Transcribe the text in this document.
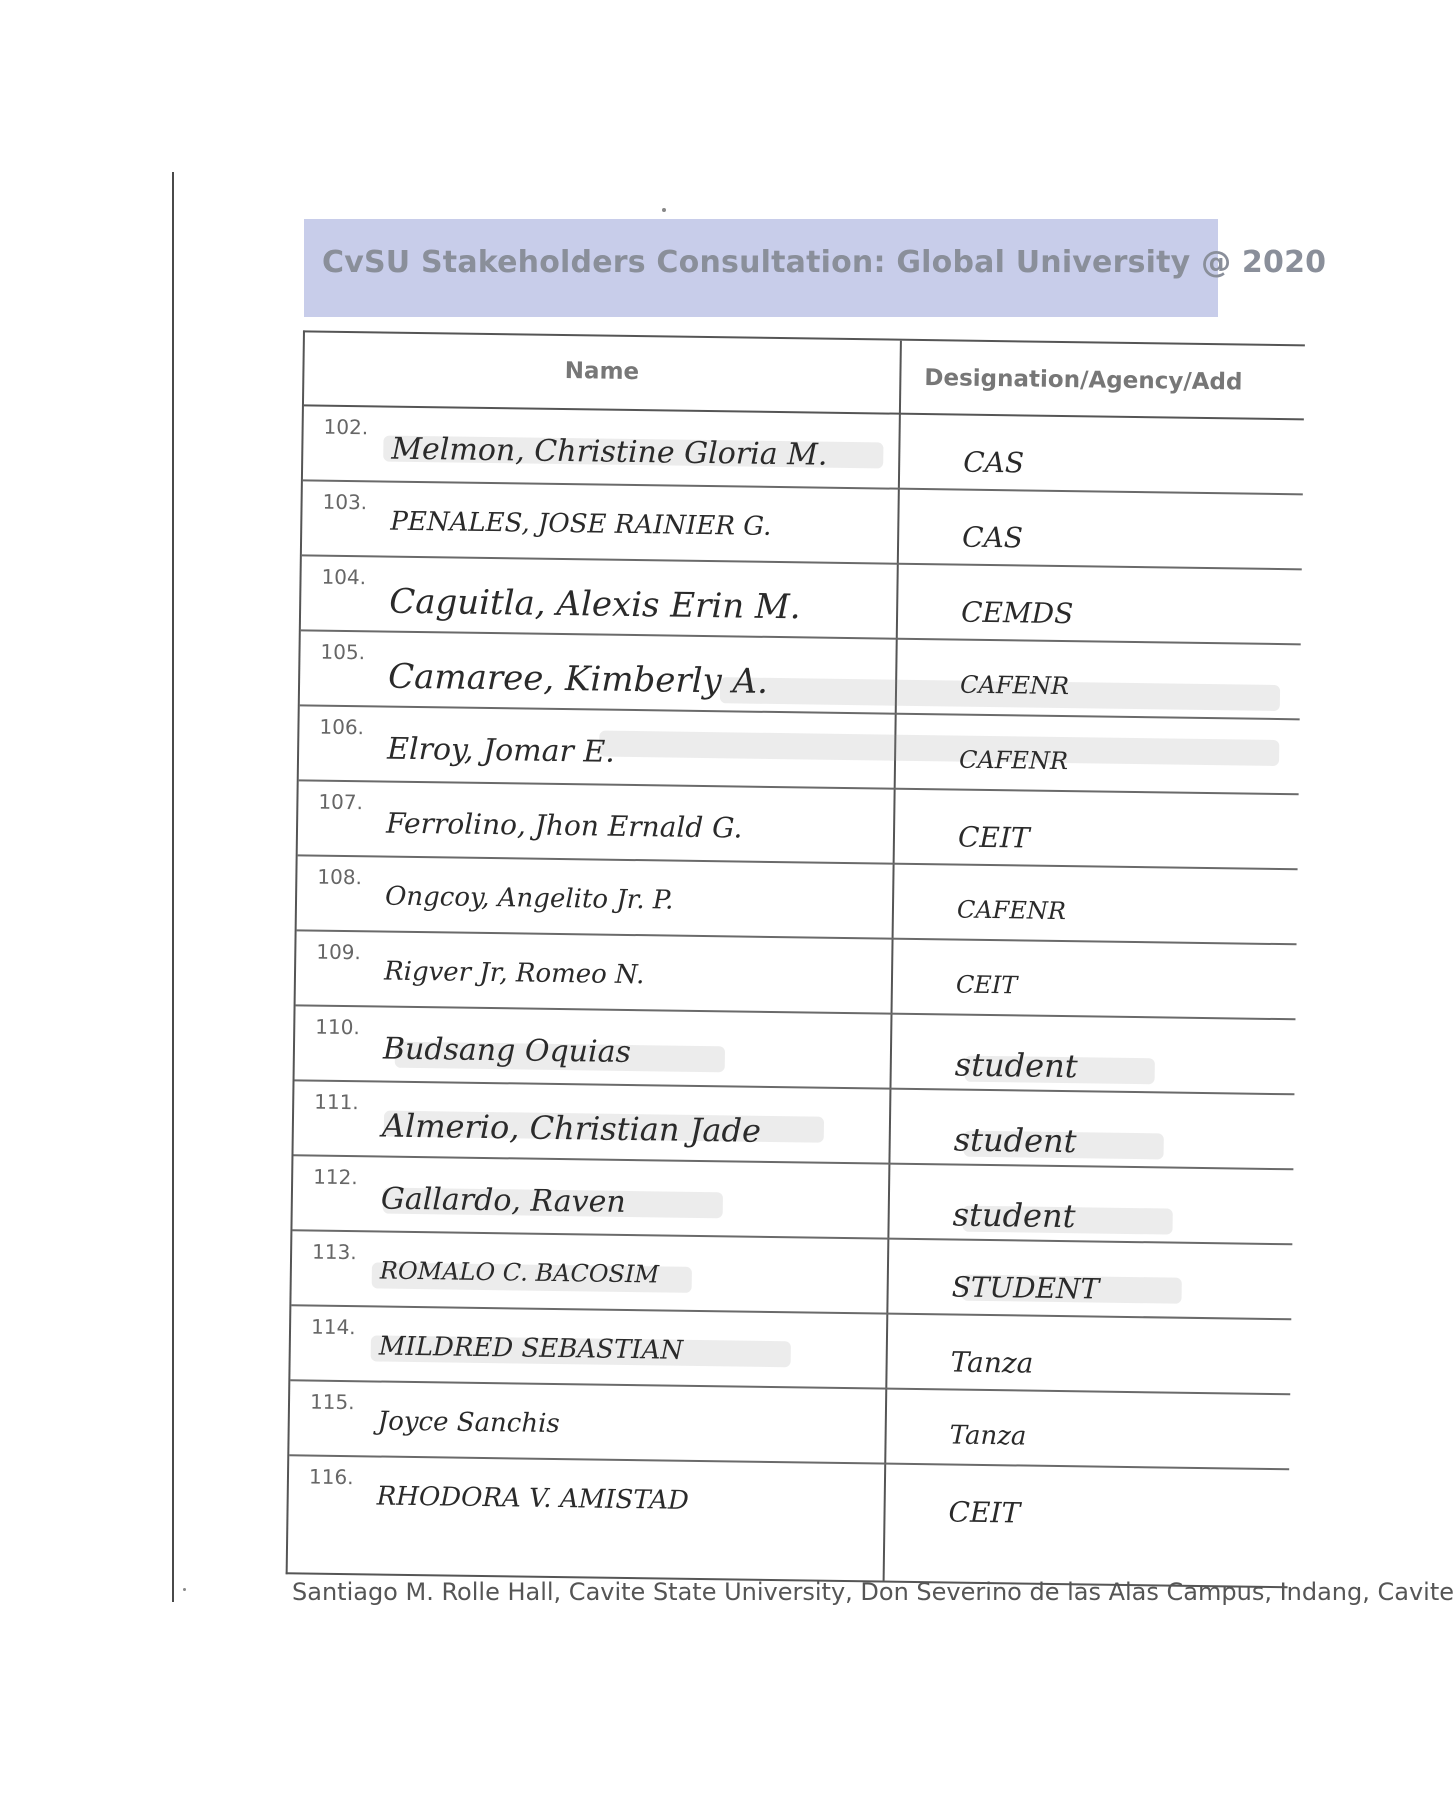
CvSU Stakeholders Consultation: Global University @ 2020
Name	Designation/Agency/Add
102.
Melmon, Christine Gloria M.	CAS
103.
PENALES, JOSE RAINIER G.	CAS
104.
Caguitla, Alexis Erin M.	CEMDS
105.
Camaree, Kimberly A.	CAFENR
106.
Elroy, Jomar E.	CAFENR
107.
Ferrolino, Jhon Ernald G.	CEIT
108.
Ongcoy, Angelito Jr. P.	CAFENR
109.
Rigver Jr, Romeo N.	CEIT
110.
Budsang Oquias	student
111.
Almerio, Christian Jade	student
112.
Gallardo, Raven	student
113.
ROMALO C. BACOSIM	STUDENT
114.
MILDRED SEBASTIAN	Tanza
115.
Joyce Sanchis	Tanza
116.
RHODORA V. AMISTAD	CEIT
Santiago M. Rolle Hall, Cavite State University, Don Severino de las Alas Campus, Indang, Cavite
